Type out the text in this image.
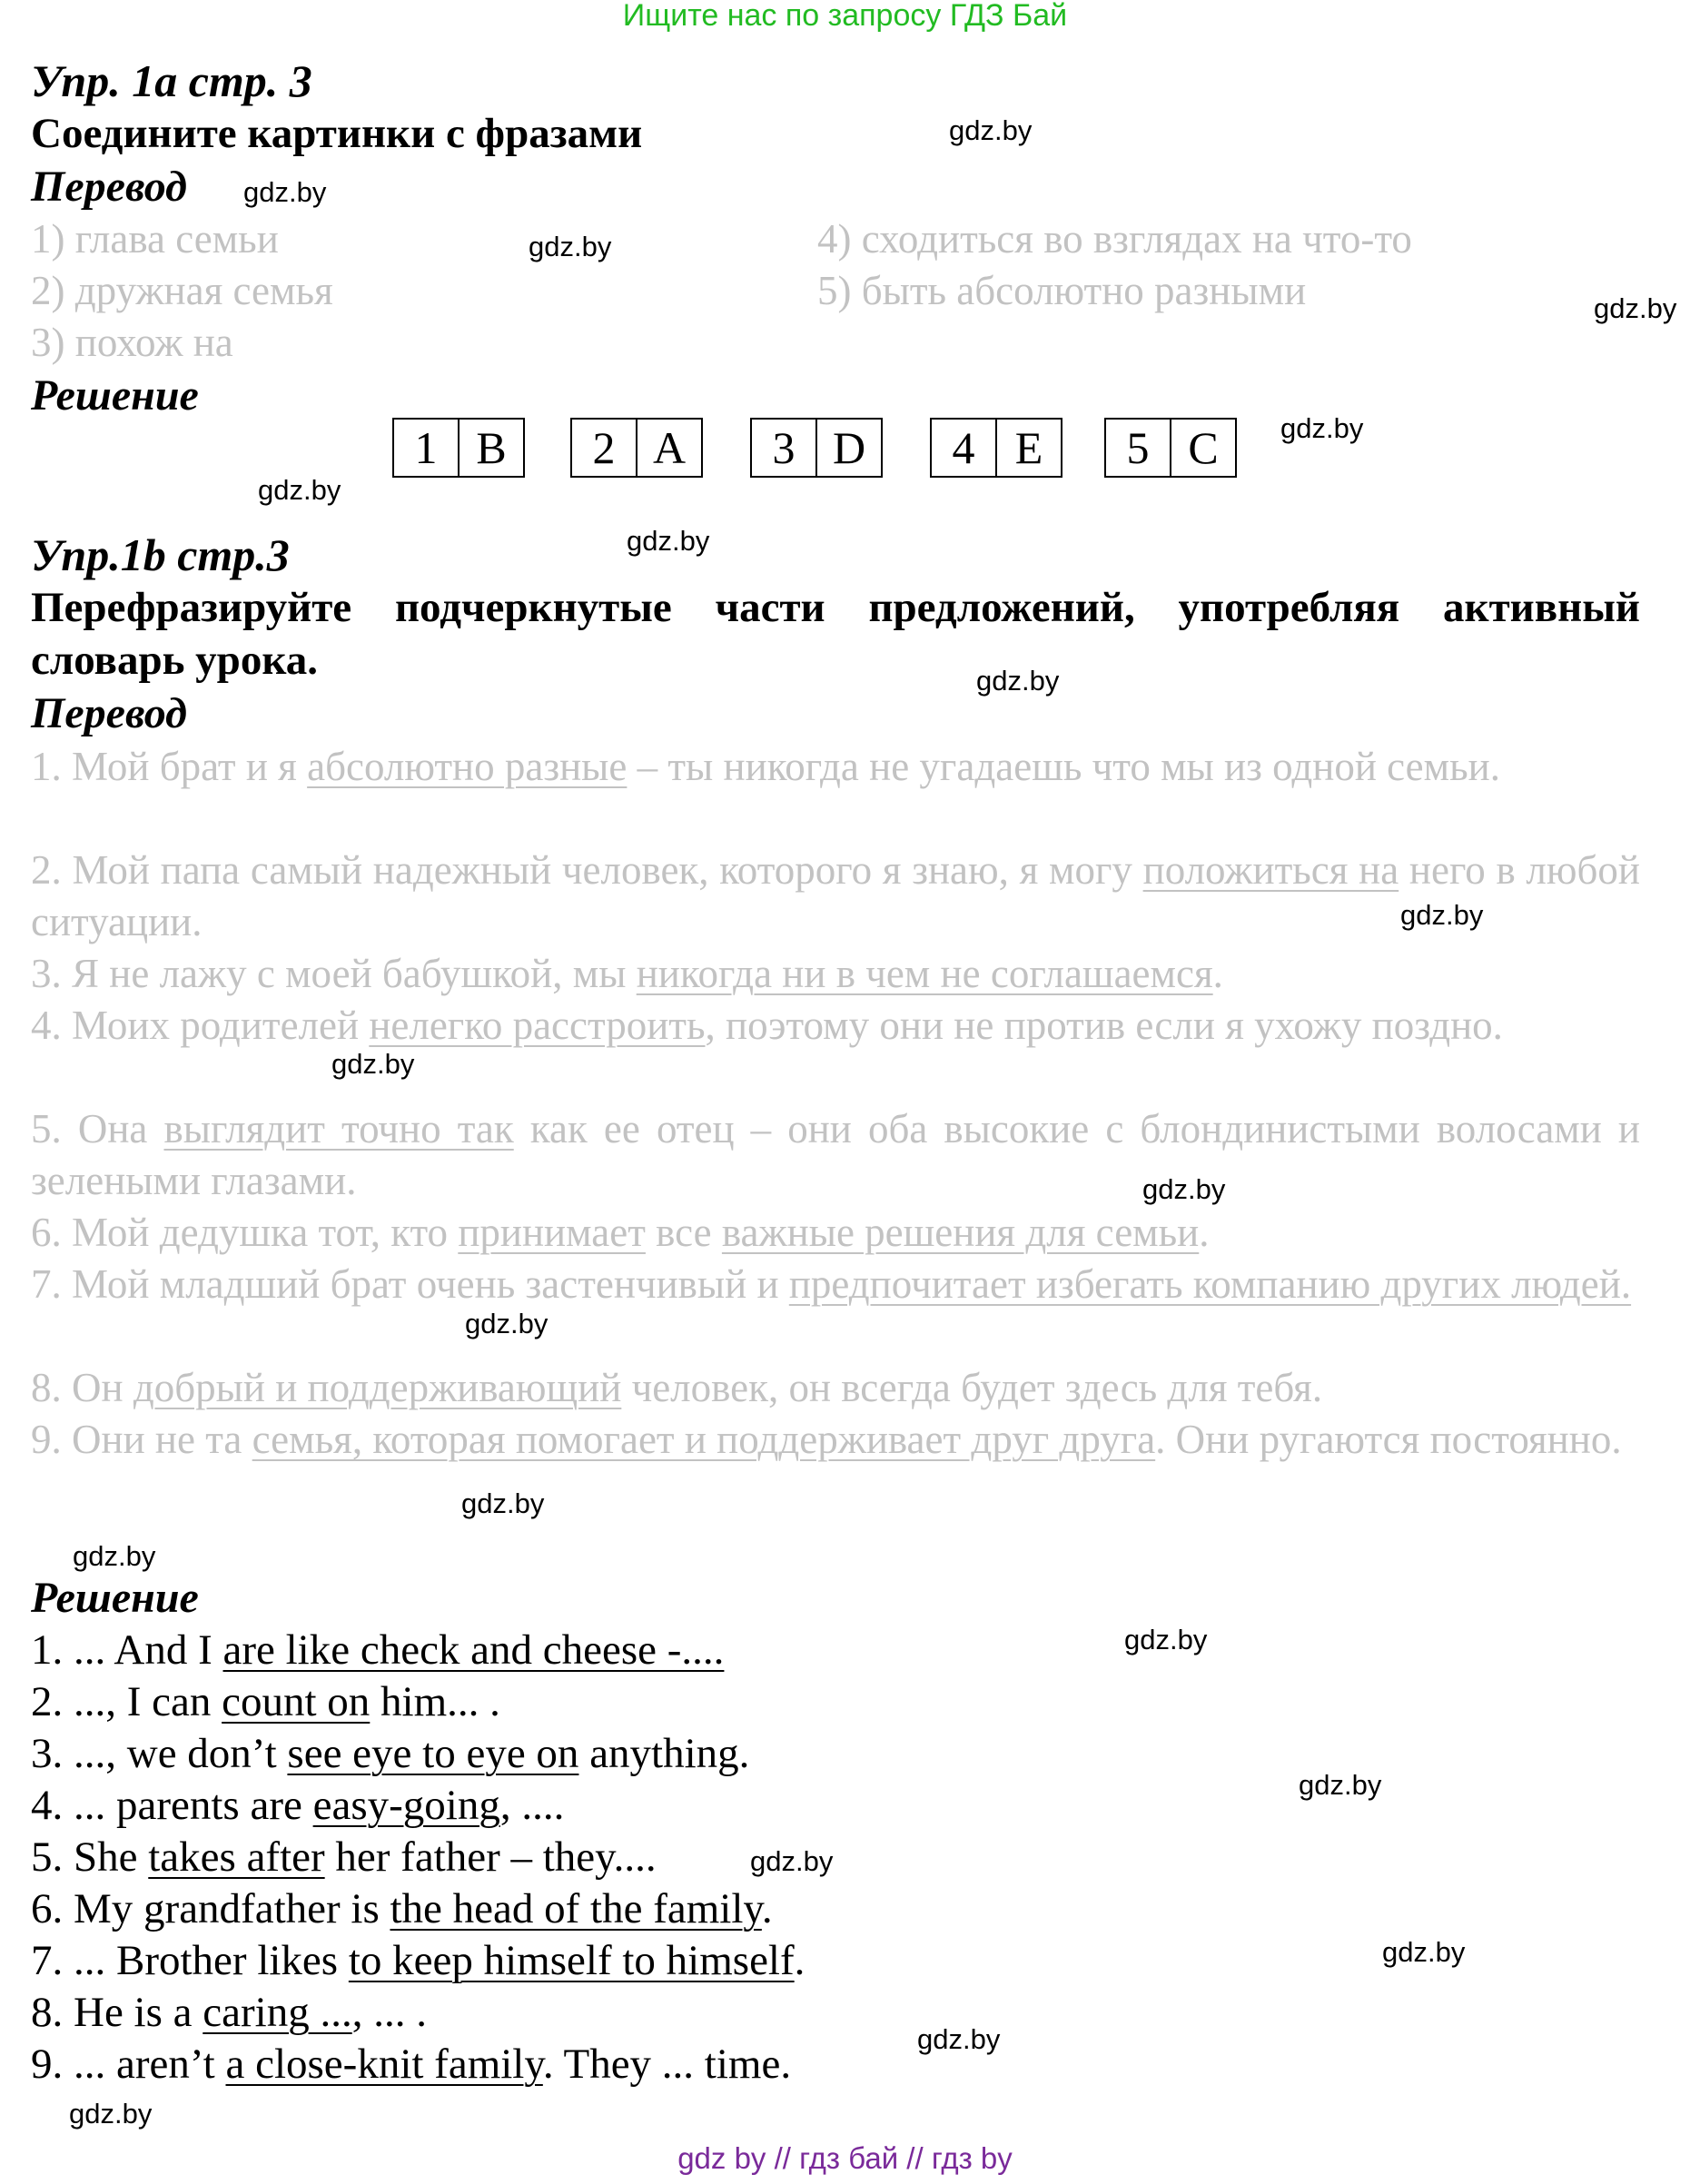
Ищите нас по запросу ГДЗ Бай
Упр. 1a стр. 3
Соедините картинки с фразами
Перевод
1) глава семьи
2) дружная семья
3) похож на
4) сходиться во взглядах на что-то
5) быть абсолютно разными
Решение
1 B	2 A	3 D	4 E	5 C
Упр.1b стр.3
Перефразируйте подчеркнутые части предложений, употребляя активный
словарь урока.
Перевод
1. Мой брат и я абсолютно разные – ты никогда не угадаешь что мы из одной семьи.
2. Мой папа самый надежный человек, которого я знаю, я могу положиться на него в любой ситуации.
3. Я не лажу с моей бабушкой, мы никогда ни в чем не соглашаемся.
4. Моих родителей нелегко расстроить, поэтому они не против если я ухожу поздно.
5. Она выглядит точно так как ее отец – они оба высокие с блондинистыми волосами и зелеными глазами.
6. Мой дедушка тот, кто принимает все важные решения для семьи.
7. Мой младший брат очень застенчивый и предпочитает избегать компанию других людей.
8. Он добрый и поддерживающий человек, он всегда будет здесь для тебя.
9. Они не та семья, которая помогает и поддерживает друг друга. Они ругаются постоянно.
Решение
1. ... And I are like check and cheese -....
2. ..., I can count on him... .
3. ..., we don’t see eye to eye on anything.
4. ... parents are easy-going, ....
5. She takes after her father – they....
6. My grandfather is the head of the family.
7. ... Brother likes to keep himself to himself.
8. He is a caring ..., ... .
9. ... aren’t a close-knit family. They ... time.
gdz.by
gdz.by
gdz.by
gdz.by
gdz.by
gdz.by
gdz.by
gdz.by
gdz.by
gdz.by
gdz.by
gdz.by
gdz.by
gdz.by
gdz.by
gdz.by
gdz.by
gdz.by
gdz.by
gdz.by
gdz by // гдз бай // гдз by
